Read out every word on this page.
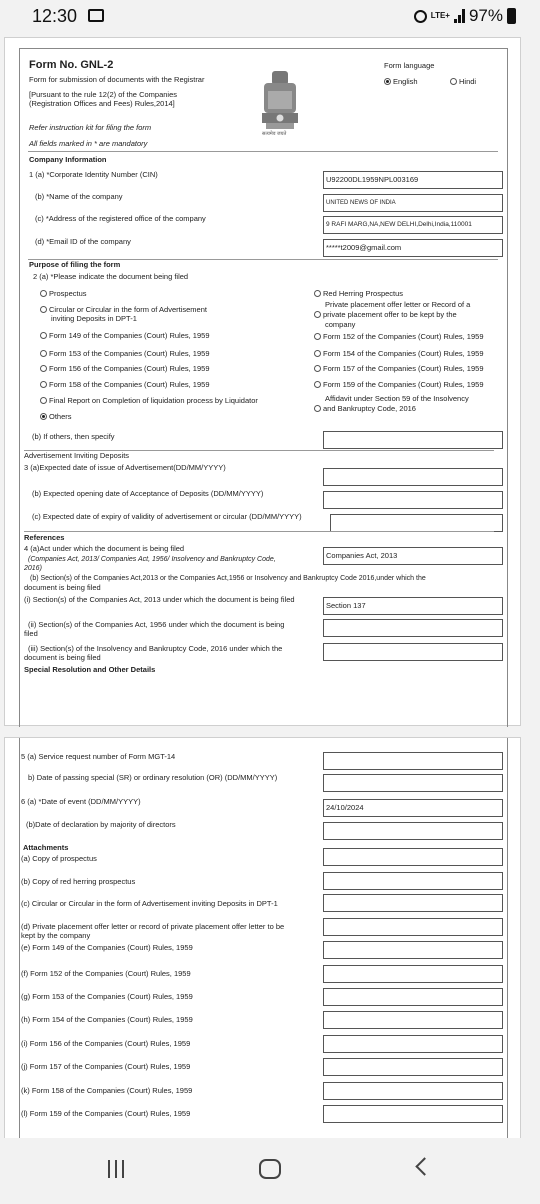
12:30	LTE+ 97%
Form No. GNL-2
Form for submission of documents with the Registrar
[Pursuant to the rule 12(2) of the Companies
(Registration Offices and Fees) Rules,2014]
Refer instruction kit for filing the form
All fields marked in * are mandatory
सत्यमेव जयते
Form language
English	Hindi
Company Information
1 (a) *Corporate Identity Number (CIN)
U92200DL1959NPL003169
(b) *Name of the company
UNITED NEWS OF INDIA
(c) *Address of the registered office of the company
9 RAFI MARG,NA,NEW DELHI,Delhi,India,110001
(d) *Email ID of the company
*****t2009@gmail.com
Purpose of filing the form
2 (a) *Please indicate the document being filed
Prospectus
Circular or Circular in the form of Advertisement
inviting Deposits in DPT-1
Form 149 of the Companies (Court) Rules, 1959
Form 153 of the Companies (Court) Rules, 1959
Form 156 of the Companies (Court) Rules, 1959
Form 158 of the Companies (Court) Rules, 1959
Final Report on Completion of liquidation process by Liquidator
Others
Red Herring Prospectus
Private placement offer letter or Record of a
private placement offer to be kept by the
company
Form 152 of the Companies (Court) Rules, 1959
Form 154 of the Companies (Court) Rules, 1959
Form 157 of the Companies (Court) Rules, 1959
Form 159 of the Companies (Court) Rules, 1959
Affidavit under Section 59 of the Insolvency
and Bankruptcy Code, 2016
(b) If others, then specify
Advertisement Inviting Deposits
3 (a)Expected date of issue of Advertisement(DD/MM/YYYY)
(b) Expected opening date of Acceptance of Deposits (DD/MM/YYYY)
(c) Expected date of expiry of validity of advertisement or circular (DD/MM/YYYY)
References
4 (a)Act under which the document is being filed
(Companies Act, 2013/ Companies Act, 1956/ Insolvency and Bankruptcy Code,
2016)
Companies Act, 2013
(b) Section(s) of the Companies Act,2013 or the Companies Act,1956 or Insolvency and Bankruptcy Code 2016,under which the
document is being filed
(i) Section(s) of the Companies Act, 2013 under which the document is being filed
Section 137
(ii) Section(s) of the Companies Act, 1956 under which the document is being
filed
(iii) Section(s) of the Insolvency and Bankruptcy Code, 2016 under which the
document is being filed
Special Resolution and Other Details
5 (a) Service request number of Form MGT-14
b) Date of passing special (SR) or ordinary resolution (OR) (DD/MM/YYYY)
6 (a) *Date of event (DD/MM/YYYY)
24/10/2024
(b)Date of declaration by majority of directors
Attachments
(a) Copy of prospectus
(b) Copy of red herring prospectus
(c) Circular or Circular in the form of Advertisement inviting Deposits in DPT-1
(d) Private placement offer letter or record of private placement offer letter to be
kept by the company
(e) Form 149 of the Companies (Court) Rules, 1959
(f) Form 152 of the Companies (Court) Rules, 1959
(g) Form 153 of the Companies (Court) Rules, 1959
(h) Form 154 of the Companies (Court) Rules, 1959
(i) Form 156 of the Companies (Court) Rules, 1959
(j) Form 157 of the Companies (Court) Rules, 1959
(k) Form 158 of the Companies (Court) Rules, 1959
(l) Form 159 of the Companies (Court) Rules, 1959
